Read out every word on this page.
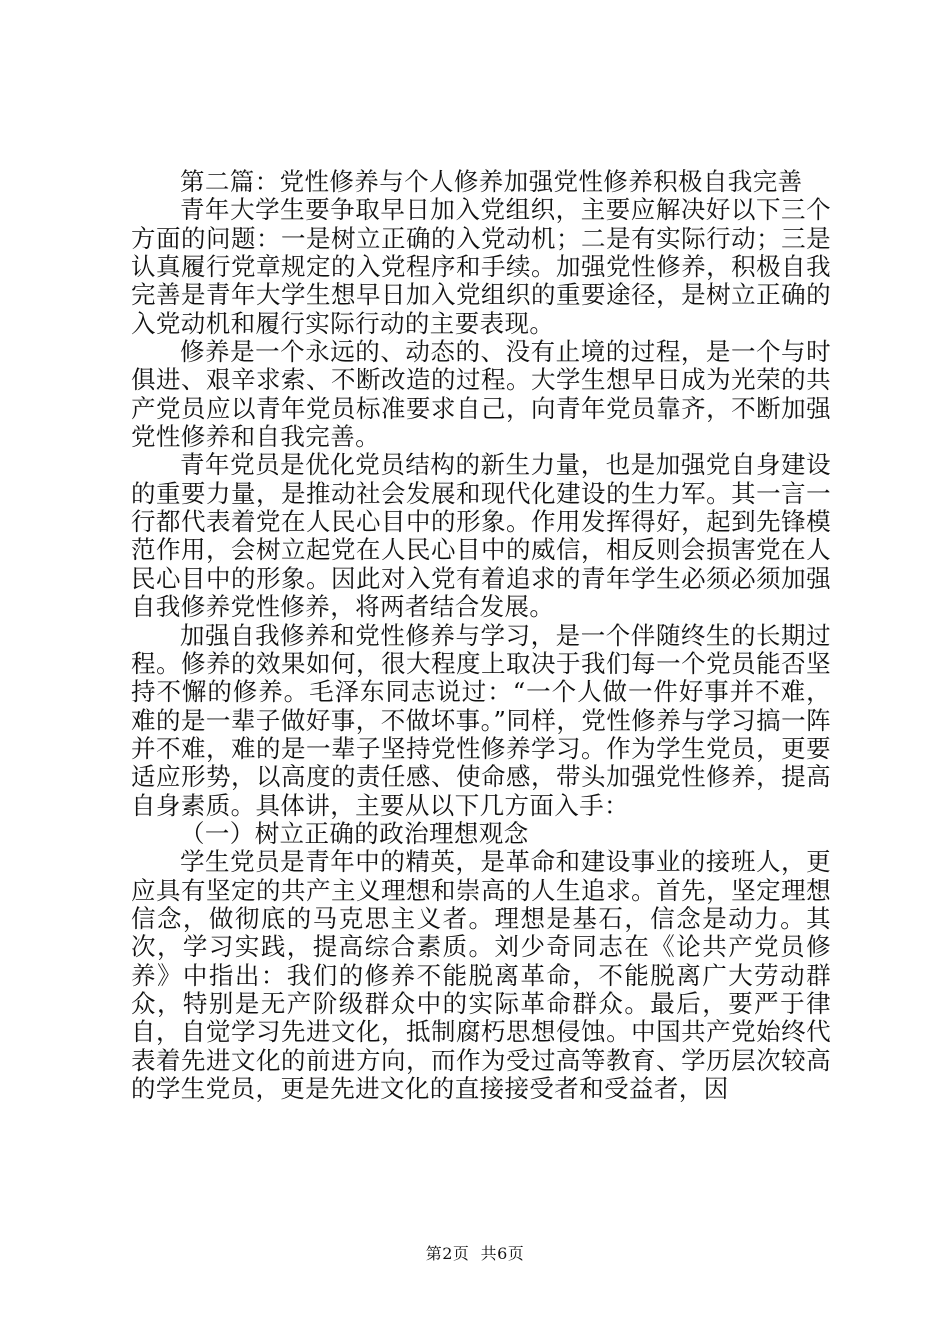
第二篇：党性修养与个人修养加强党性修养积极自我完善

青年大学生要争取早日加入党组织，主要应解决好以下三个方面的问题：一是树立正确的入党动机；二是有实际行动；三是认真履行党章规定的入党程序和手续。加强党性修养，积极自我完善是青年大学生想早日加入党组织的重要途径，是树立正确的入党动机和履行实际行动的主要表现。

修养是一个永远的、动态的、没有止境的过程，是一个与时俱进、艰辛求索、不断改造的过程。大学生想早日成为光荣的共产党员应以青年党员标准要求自己，向青年党员靠齐，不断加强党性修养和自我完善。

青年党员是优化党员结构的新生力量，也是加强党自身建设的重要力量，是推动社会发展和现代化建设的生力军。其一言一行都代表着党在人民心目中的形象。作用发挥得好，起到先锋模范作用，会树立起党在人民心目中的威信，相反则会损害党在人民心目中的形象。因此对入党有着追求的青年学生必须必须加强自我修养党性修养，将两者结合发展。

加强自我修养和党性修养与学习，是一个伴随终生的长期过程。修养的效果如何，很大程度上取决于我们每一个党员能否坚持不懈的修养。毛泽东同志说过：“一个人做一件好事并不难，难的是一辈子做好事，不做坏事。”同样，党性修养与学习搞一阵并不难，难的是一辈子坚持党性修养学习。作为学生党员，更要适应形势，以高度的责任感、使命感，带头加强党性修养，提高自身素质。具体讲，主要从以下几方面入手：

（一）树立正确的政治理想观念

学生党员是青年中的精英，是革命和建设事业的接班人，更应具有坚定的共产主义理想和崇高的人生追求。首先，坚定理想信念，做彻底的马克思主义者。理想是基石，信念是动力。其次，学习实践，提高综合素质。刘少奇同志在《论共产党员修养》中指出：我们的修养不能脱离革命，不能脱离广大劳动群众，特别是无产阶级群众中的实际革命群众。最后，要严于律自，自觉学习先进文化，抵制腐朽思想侵蚀。中国共产党始终代表着先进文化的前进方向，而作为受过高等教育、学历层次较高的学生党员，更是先进文化的直接接受者和受益者，因

第2页  共6页
